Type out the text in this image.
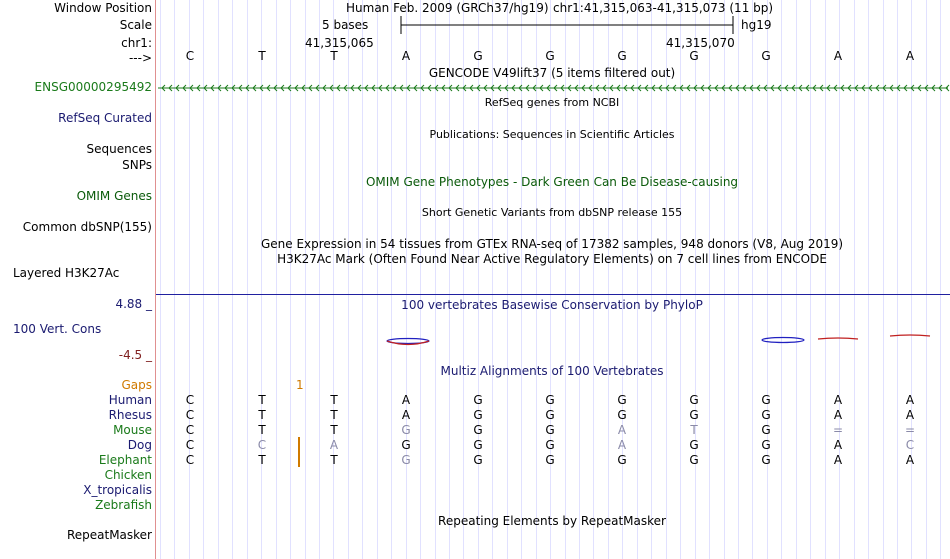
Window Position
Scale
chr1:
--->
ENSG00000295492
RefSeq Curated
Sequences
SNPs
OMIM Genes
Common dbSNP(155)
Layered H3K27Ac
4.88 _
100 Vert. Cons
-4.5 _
Gaps
Human
Rhesus
Mouse
Dog
Elephant
Chicken
X_tropicalis
Zebrafish
RepeatMasker
Human Feb. 2009 (GRCh37/hg19) chr1:41,315,063-41,315,073 (11 bp)
5 bases	hg19
41,315,065	41,315,070
C	T	T	A	G	G	G	G	G	A	A
GENCODE V49lift37 (5 items filtered out)
RefSeq genes from NCBI
Publications: Sequences in Scientific Articles
OMIM Gene Phenotypes - Dark Green Can Be Disease-causing
Short Genetic Variants from dbSNP release 155
Gene Expression in 54 tissues from GTEx RNA-seq of 17382 samples, 948 donors (V8, Aug 2019)
H3K27Ac Mark (Often Found Near Active Regulatory Elements) on 7 cell lines from ENCODE
100 vertebrates Basewise Conservation by PhyloP
Multiz Alignments of 100 Vertebrates
1
C	T	T	A	G	G	G	G	G	A	A
C	T	T	A	G	G	G	G	G	A	A
C	T	T	G	G	G	A	T	G	=	=
C	C	A	G	G	G	A	G	G	A	C
C	T	T	G	G	G	G	G	G	A	A
Repeating Elements by RepeatMasker
